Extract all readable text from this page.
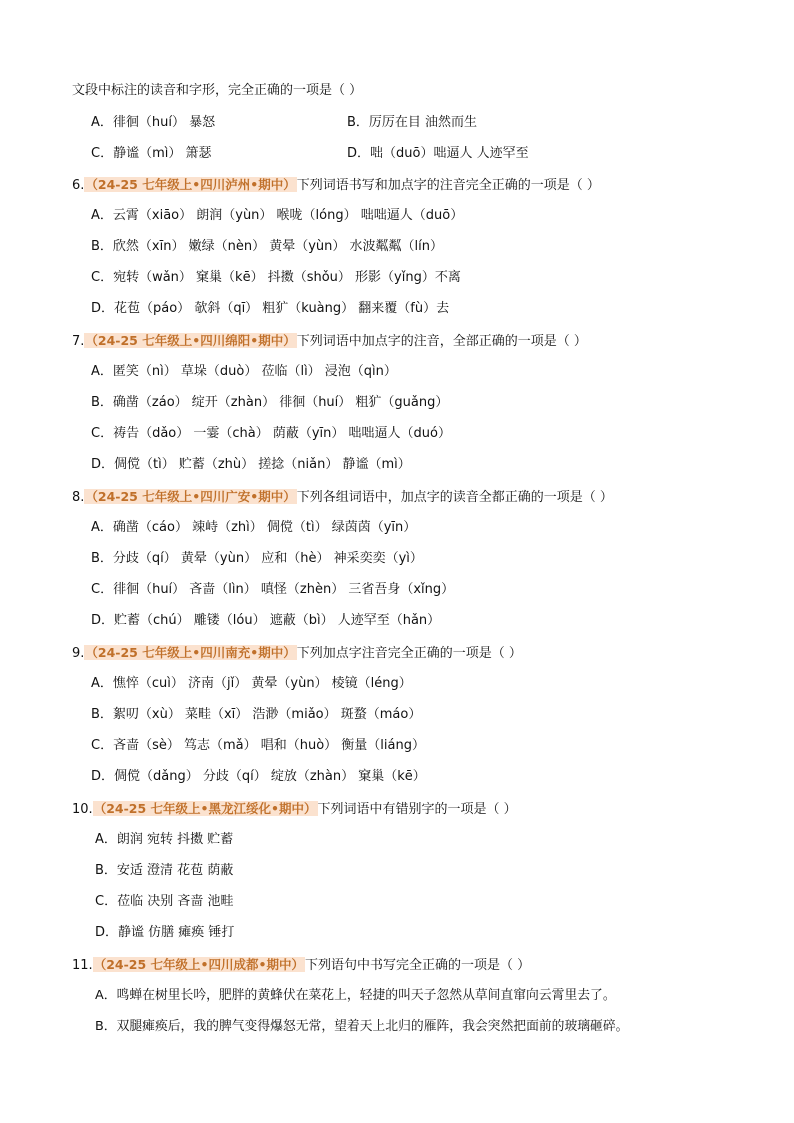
文段中标注的读音和字形，完全正确的一项是（ ）
A．徘徊（huí） 暴怒	B．厉厉在目 油然而生
C．静谧（mì） 箫瑟	D．咄（duō）咄逼人 人迹罕至
6.（24-25 七年级上•四川泸州•期中）下列词语书写和加点字的注音完全正确的一项是（ ）
A．云霄（xiāo） 朗润（yùn） 喉咙（lóng） 咄咄逼人（duō）
B．欣然（xīn） 嫩绿（nèn） 黄晕（yùn） 水波粼粼（lín）
C．宛转（wǎn） 窠巢（kē） 抖擞（shǒu） 形影（yǐng）不离
D．花苞（páo） 欹斜（qī） 粗犷（kuàng） 翻来覆（fù）去
7.（24-25 七年级上•四川绵阳•期中）下列词语中加点字的注音，全部正确的一项是（ ）
A．匿笑（nì） 草垛（duò） 莅临（lì） 浸泡（qìn）
B．确凿（záo） 绽开（zhàn） 徘徊（huí） 粗犷（guǎng）
C．祷告（dǎo） 一霎（chà） 荫蔽（yīn） 咄咄逼人（duó）
D．倜傥（tì） 贮蓄（zhù） 搓捻（niǎn） 静谧（mì）
8.（24-25 七年级上•四川广安•期中）下列各组词语中，加点字的读音全都正确的一项是（ ）
A．确凿（cáo） 竦峙（zhì） 倜傥（tì） 绿茵茵（yīn）
B．分歧（qí） 黄晕（yùn） 应和（hè） 神采奕奕（yì）
C．徘徊（huí） 吝啬（lìn） 嗔怪（zhèn） 三省吾身（xǐng）
D．贮蓄（chú） 雕镂（lóu） 遮蔽（bì） 人迹罕至（hǎn）
9.（24-25 七年级上•四川南充•期中）下列加点字注音完全正确的一项是（ ）
A．憔悴（cuì） 济南（jǐ） 黄晕（yùn） 棱镜（léng）
B．絮叨（xù） 菜畦（xī） 浩渺（miǎo） 斑蝥（máo）
C．吝啬（sè） 笃志（mǎ） 唱和（huò） 衡量（liáng）
D．倜傥（dǎng） 分歧（qí） 绽放（zhàn） 窠巢（kē）
10.（24-25 七年级上•黑龙江绥化•期中）下列词语中有错别字的一项是（ ）
A．朗润 宛转 抖擞 贮蓄
B．安适 澄清 花苞 荫蔽
C．莅临 决别 吝啬 池畦
D．静谧 仿膳 瘫痪 锤打
11.（24-25 七年级上•四川成都•期中）下列语句中书写完全正确的一项是（ ）
A．鸣蝉在树里长吟，肥胖的黄蜂伏在菜花上，轻捷的叫天子忽然从草间直窜向云霄里去了。
B．双腿瘫痪后，我的脾气变得爆怒无常，望着天上北归的雁阵，我会突然把面前的玻璃砸碎。
